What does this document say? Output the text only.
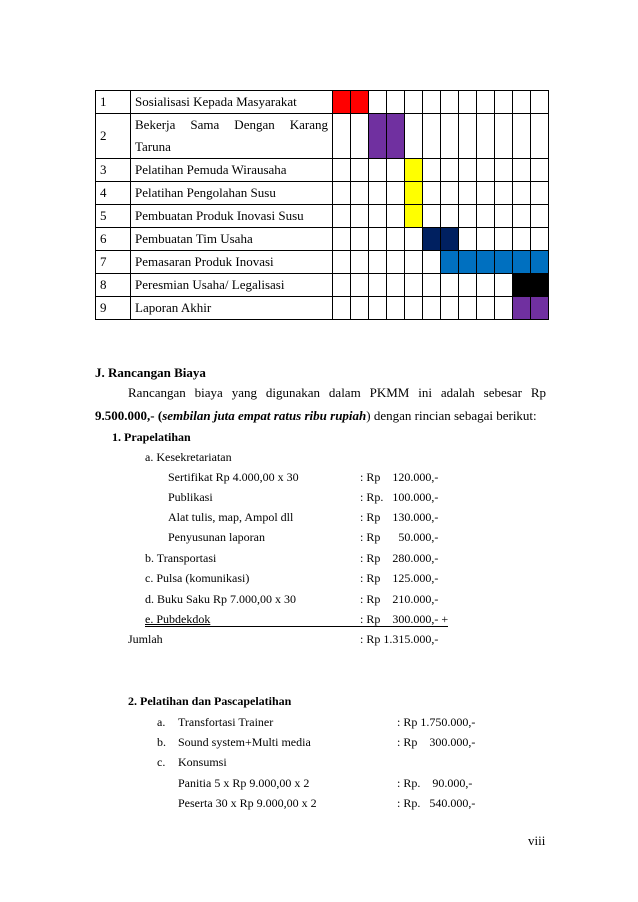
1	Sosialisasi Kepada Masyarakat												
2	Bekerja Sama Dengan Karang
Taruna												

3	Pelatihan Pemuda Wirausaha												
4	Pelatihan Pengolahan Susu												
5	Pembuatan Produk Inovasi Susu												
6	Pembuatan Tim Usaha												
7	Pemasaran Produk Inovasi												
8	Peresmian Usaha/ Legalisasi												
9	Laporan Akhir												
J. Rancangan Biaya
Rancangan biaya yang digunakan dalam PKMM ini adalah sebesar Rp
9.500.000,- (sembilan juta empat ratus ribu rupiah) dengan rincian sebagai berikut:
1. Prapelatihan
a. Kesekretariatan
Sertifikat Rp 4.000,00 x 30	: Rp    120.000,-
Publikasi	: Rp.   100.000,-
Alat tulis, map, Ampol dll	: Rp    130.000,-
Penyusunan laporan	: Rp      50.000,-
b. Transportasi	: Rp    280.000,-
c. Pulsa (komunikasi)	: Rp    125.000,-
d. Buku Saku Rp 7.000,00 x 30	: Rp    210.000,-
e. Pubdekdok	: Rp    300.000,- +
Jumlah	: Rp 1.315.000,-
2. Pelatihan dan Pascapelatihan
a. Transfortasi Trainer	: Rp 1.750.000,-
b. Sound system+Multi media	: Rp    300.000,-
c. Konsumsi
Panitia 5 x Rp 9.000,00 x 2	: Rp.    90.000,-
Peserta 30 x Rp 9.000,00 x 2	: Rp.   540.000,-
viii
